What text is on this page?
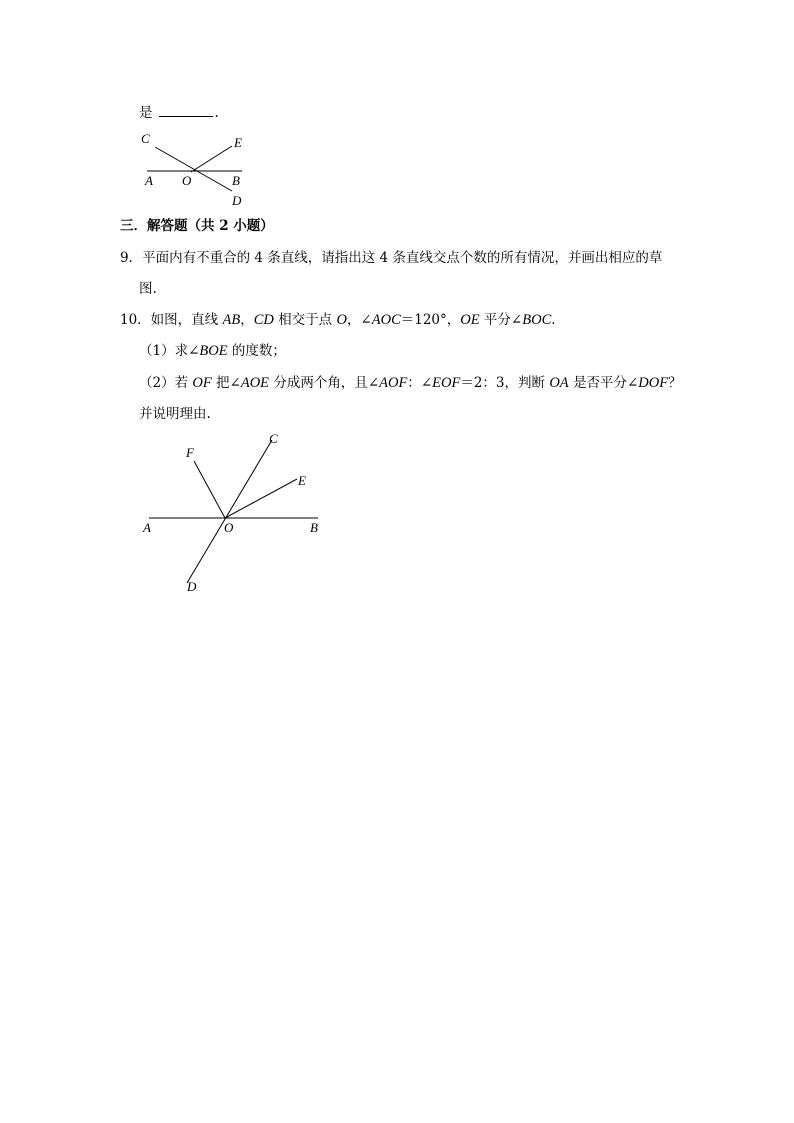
是	.
C	E
A O	B
D
三．解答题（共 2 小题）
9．平面内有不重合的 4 条直线，请指出这 4 条直线交点个数的所有情况，并画出相应的草
图.
10．如图，直线 AB，CD 相交于点 O，∠AOC＝120°，OE 平分∠BOC.
（1）求∠BOE 的度数；
（2）若 OF 把∠AOE 分成两个角，且∠AOF：∠EOF＝2：3，判断 OA 是否平分∠DOF？
并说明理由.
F
C
E
A	O	B
D
